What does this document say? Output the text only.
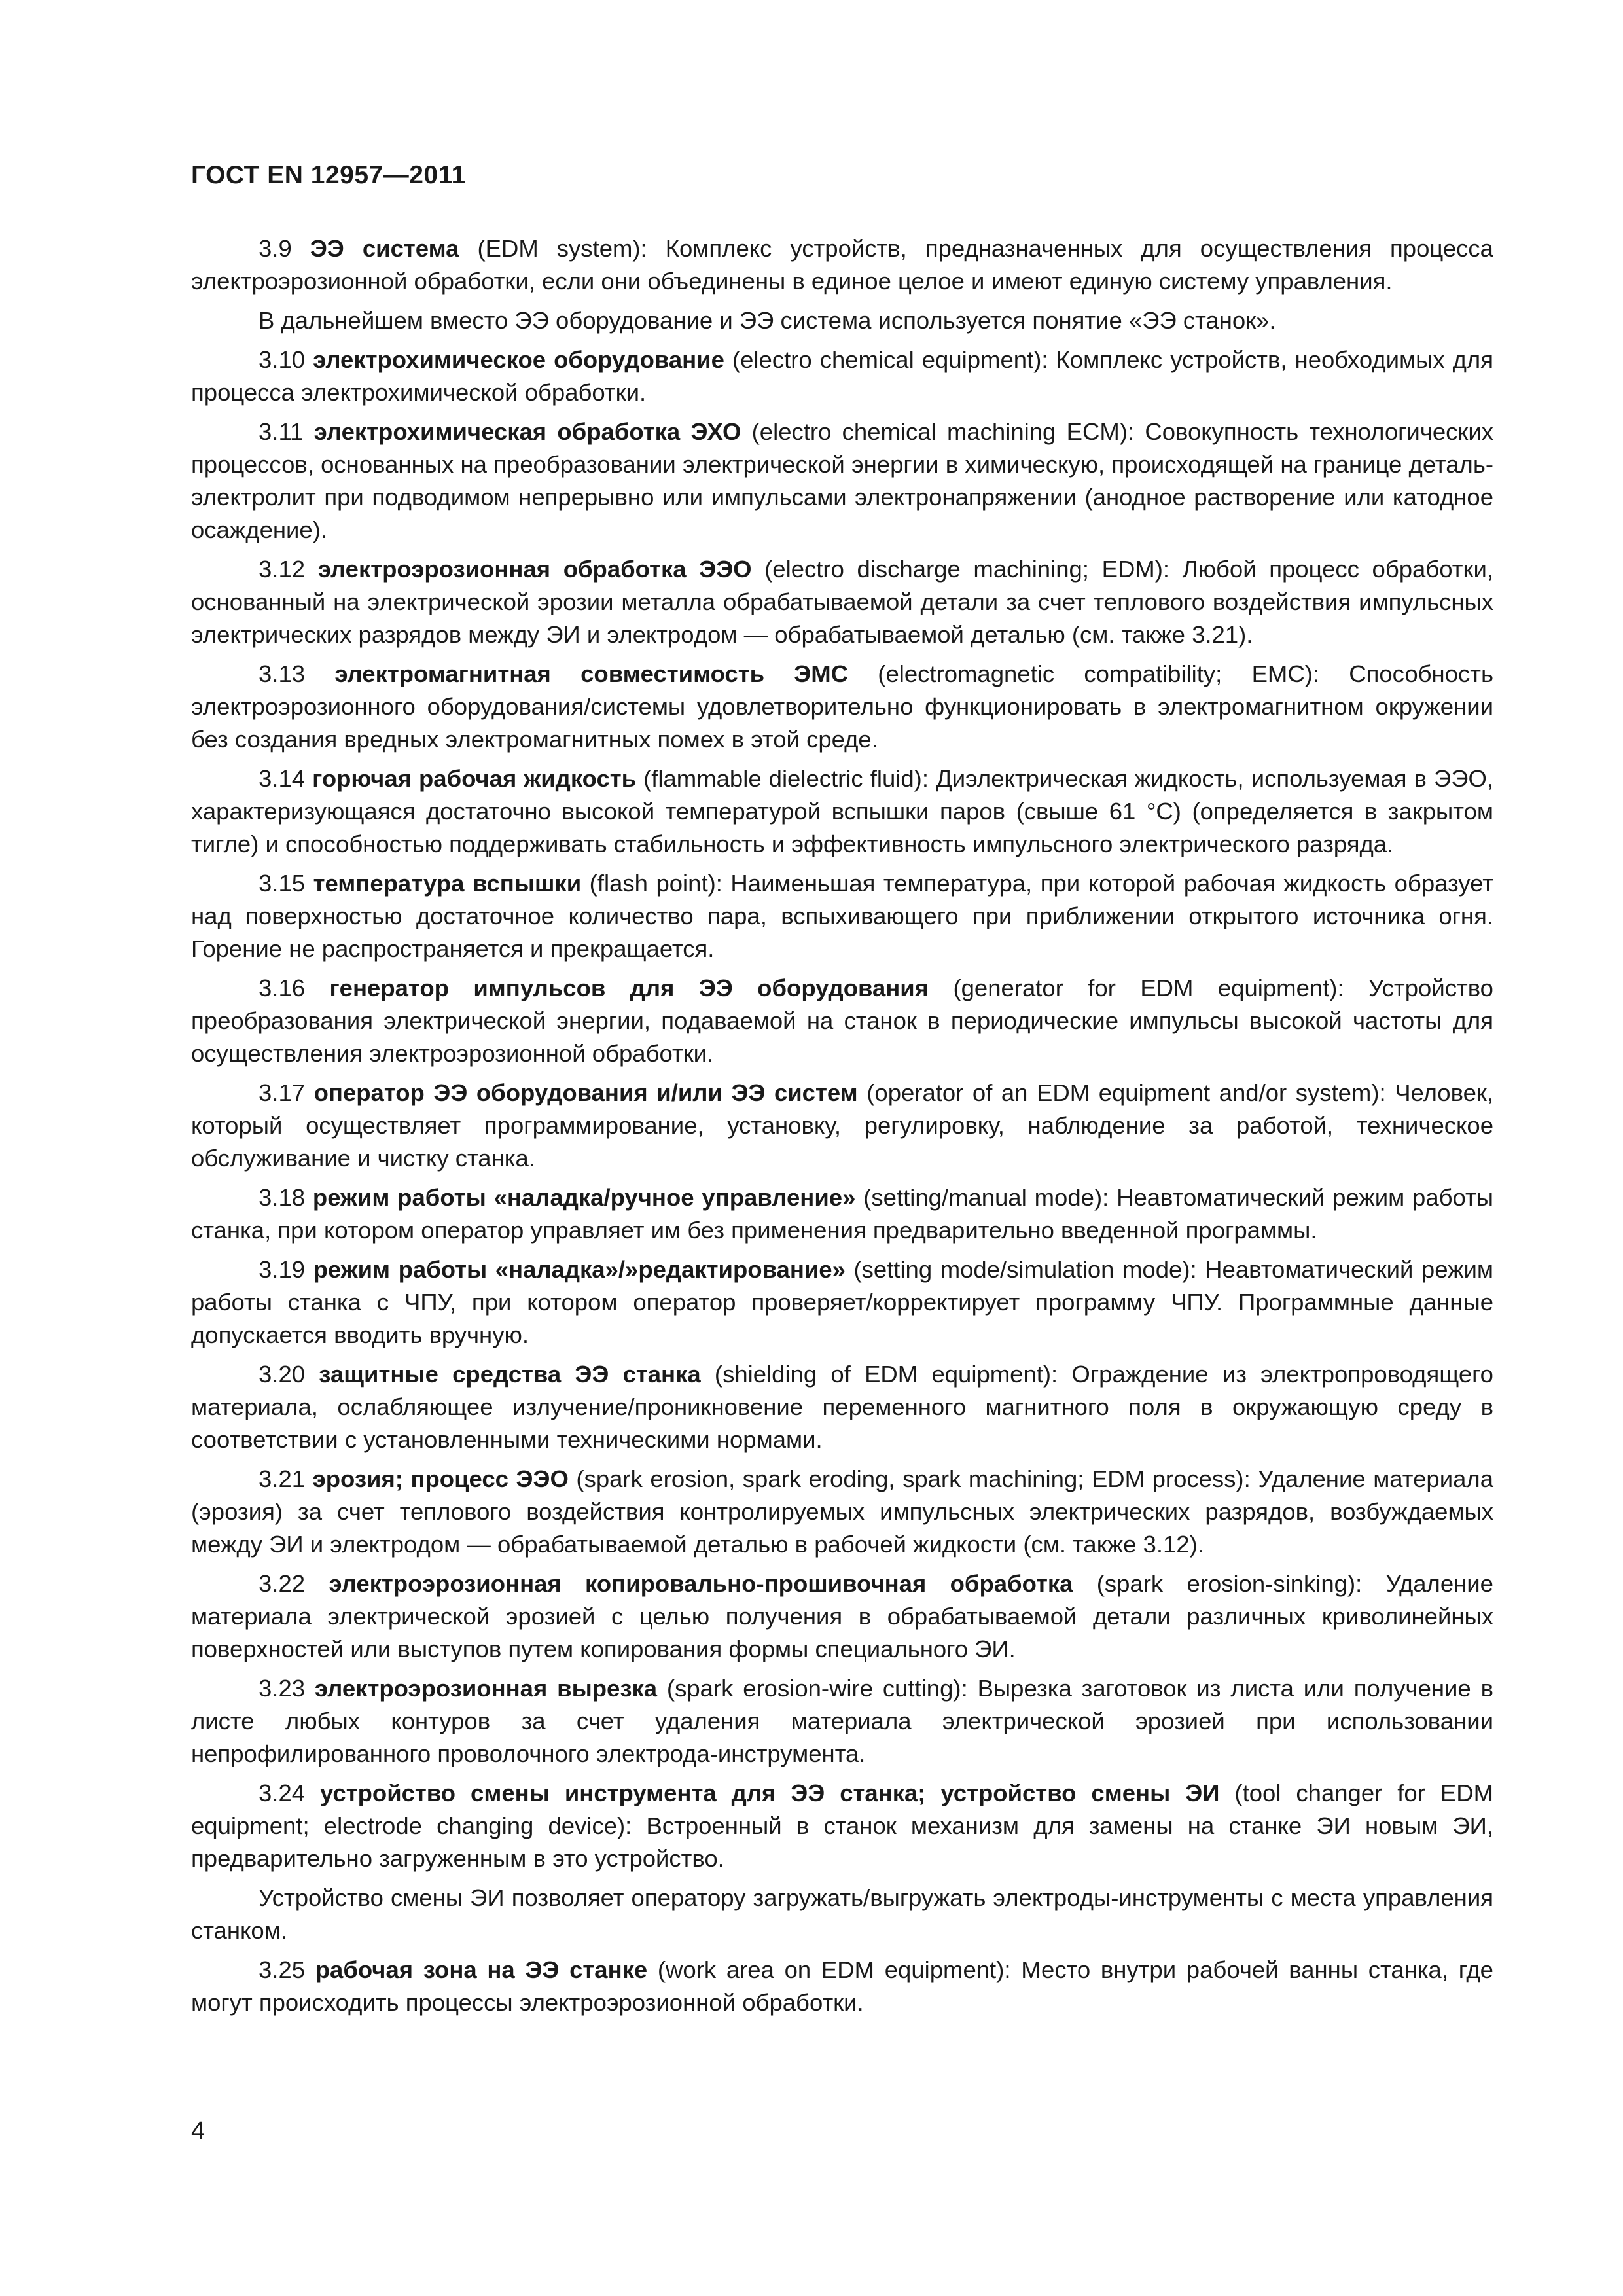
ГОСТ EN 12957—2011

3.9 ЭЭ система (EDM system): Комплекс устройств, предназначенных для осуществления процесса электроэрозионной обработки, если они объединены в единое целое и имеют единую систему управления.

В дальнейшем вместо ЭЭ оборудование и ЭЭ система используется понятие «ЭЭ станок».

3.10 электрохимическое оборудование (electro chemical equipment): Комплекс устройств, необходимых для процесса электрохимической обработки.

3.11 электрохимическая обработка ЭХО (electro chemical machining ECM): Совокупность технологических процессов, основанных на преобразовании электрической энергии в химическую, происходящей на границе деталь-электролит при подводимом непрерывно или импульсами электронапряжении (анодное растворение или катодное осаждение).

3.12 электроэрозионная обработка ЭЭО (electro discharge machining; EDM): Любой процесс обработки, основанный на электрической эрозии металла обрабатываемой детали за счет теплового воздействия импульсных электрических разрядов между ЭИ и электродом — обрабатываемой деталью (см. также 3.21).

3.13 электромагнитная совместимость ЭМС (electromagnetic compatibility; EMC): Способность электроэрозионного оборудования/системы удовлетворительно функционировать в электромагнитном окружении без создания вредных электромагнитных помех в этой среде.

3.14 горючая рабочая жидкость (flammable dielectric fluid): Диэлектрическая жидкость, используемая в ЭЭО, характеризующаяся достаточно высокой температурой вспышки паров (свыше 61 °C) (определяется в закрытом тигле) и способностью поддерживать стабильность и эффективность импульсного электрического разряда.

3.15 температура вспышки (flash point): Наименьшая температура, при которой рабочая жидкость образует над поверхностью достаточное количество пара, вспыхивающего при приближении открытого источника огня. Горение не распространяется и прекращается.

3.16 генератор импульсов для ЭЭ оборудования (generator for EDM equipment): Устройство преобразования электрической энергии, подаваемой на станок в периодические импульсы высокой частоты для осуществления электроэрозионной обработки.

3.17 оператор ЭЭ оборудования и/или ЭЭ систем (operator of an EDM equipment and/or system): Человек, который осуществляет программирование, установку, регулировку, наблюдение за работой, техническое обслуживание и чистку станка.

3.18 режим работы «наладка/ручное управление» (setting/manual mode): Неавтоматический режим работы станка, при котором оператор управляет им без применения предварительно введенной программы.

3.19 режим работы «наладка»/»редактирование» (setting mode/simulation mode): Неавтоматический режим работы станка с ЧПУ, при котором оператор проверяет/корректирует программу ЧПУ. Программные данные допускается вводить вручную.

3.20 защитные средства ЭЭ станка (shielding of EDM equipment): Ограждение из электропроводящего материала, ослабляющее излучение/проникновение переменного магнитного поля в окружающую среду в соответствии с установленными техническими нормами.

3.21 эрозия; процесс ЭЭО (spark erosion, spark eroding, spark machining; EDM process): Удаление материала (эрозия) за счет теплового воздействия контролируемых импульсных электрических разрядов, возбуждаемых между ЭИ и электродом — обрабатываемой деталью в рабочей жидкости (см. также 3.12).

3.22 электроэрозионная копировально-прошивочная обработка (spark erosion-sinking): Удаление материала электрической эрозией с целью получения в обрабатываемой детали различных криволинейных поверхностей или выступов путем копирования формы специального ЭИ.

3.23 электроэрозионная вырезка (spark erosion-wire cutting): Вырезка заготовок из листа или получение в листе любых контуров за счет удаления материала электрической эрозией при использовании непрофилированного проволочного электрода-инструмента.

3.24 устройство смены инструмента для ЭЭ станка; устройство смены ЭИ (tool changer for EDM equipment; electrode changing device): Встроенный в станок механизм для замены на станке ЭИ новым ЭИ, предварительно загруженным в это устройство.

Устройство смены ЭИ позволяет оператору загружать/выгружать электроды-инструменты с места управления станком.

3.25 рабочая зона на ЭЭ станке (work area on EDM equipment): Место внутри рабочей ванны станка, где могут происходить процессы электроэрозионной обработки.

4
